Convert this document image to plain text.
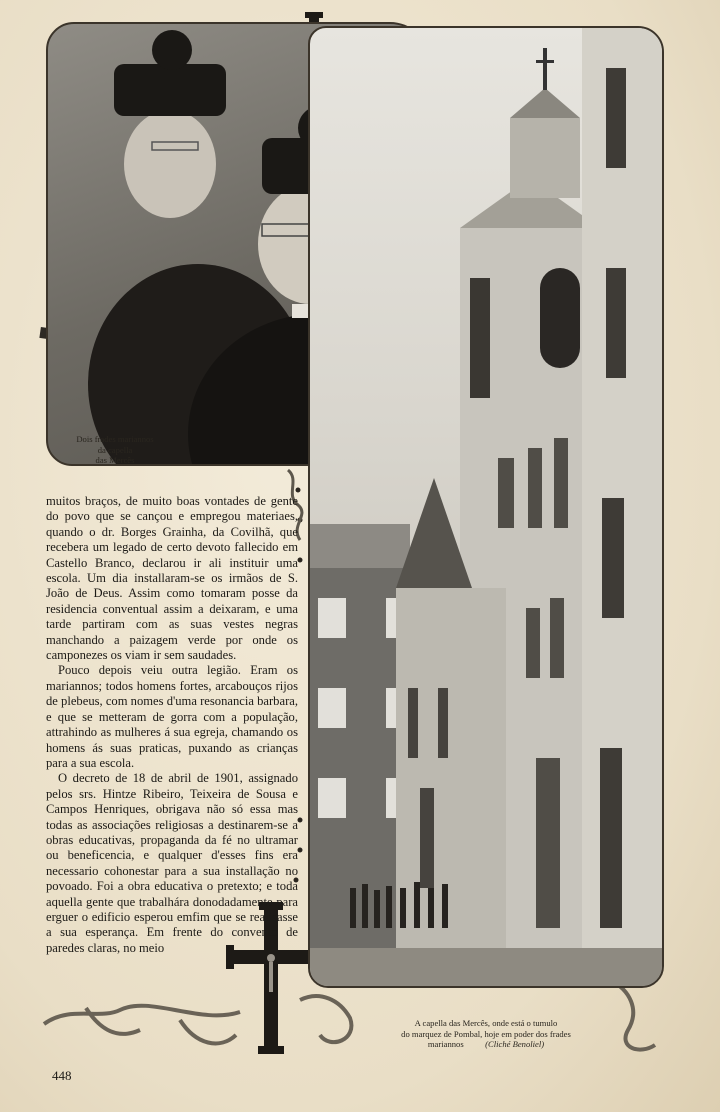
Dois frades mariannos
da capella
das Mercês
A capella das Mercês, onde está o tumulo
do marquez de Pombal, hoje em poder dos frades
mariannos (Cliché Benoliel)

muitos braços, de muito boas vontades de gente do povo que se cançou e empregou materiaes, quando o dr. Borges Grainha, da Covilhã, que recebera um legado de certo devoto fallecido em Castello Branco, declarou ir ali instituir uma escola. Um dia installaram-se os irmãos de S. João de Deus. Assim como tomaram posse da residencia conventual assim a deixaram, e uma tarde partiram com as suas vestes negras manchando a paizagem verde por onde os camponezes os viam ir sem saudades.

Pouco depois veiu outra legião. Eram os mariannos; todos homens fortes, arcabouços rijos de plebeus, com nomes d'uma resonancia barbara, e que se metteram de gorra com a população, attrahindo as mulheres á sua egreja, chamando os homens ás suas praticas, puxando as crianças para a sua escola.

O decreto de 18 de abril de 1901, assignado pelos srs. Hintze Ribeiro, Teixeira de Sousa e Campos Henriques, obrigava não só essa mas todas as associações religiosas a destinarem-se a obras educativas, propaganda da fé no ultramar ou beneficencia, e qualquer d'esses fins era necessario cohonestar para a sua installação no povoado. Foi a obra educativa o pretexto; e toda aquella gente que trabalhára donodadamente para erguer o edificio esperou emfim que se realisasse a sua esperança. Em frente do convento de paredes claras, no meio

448
